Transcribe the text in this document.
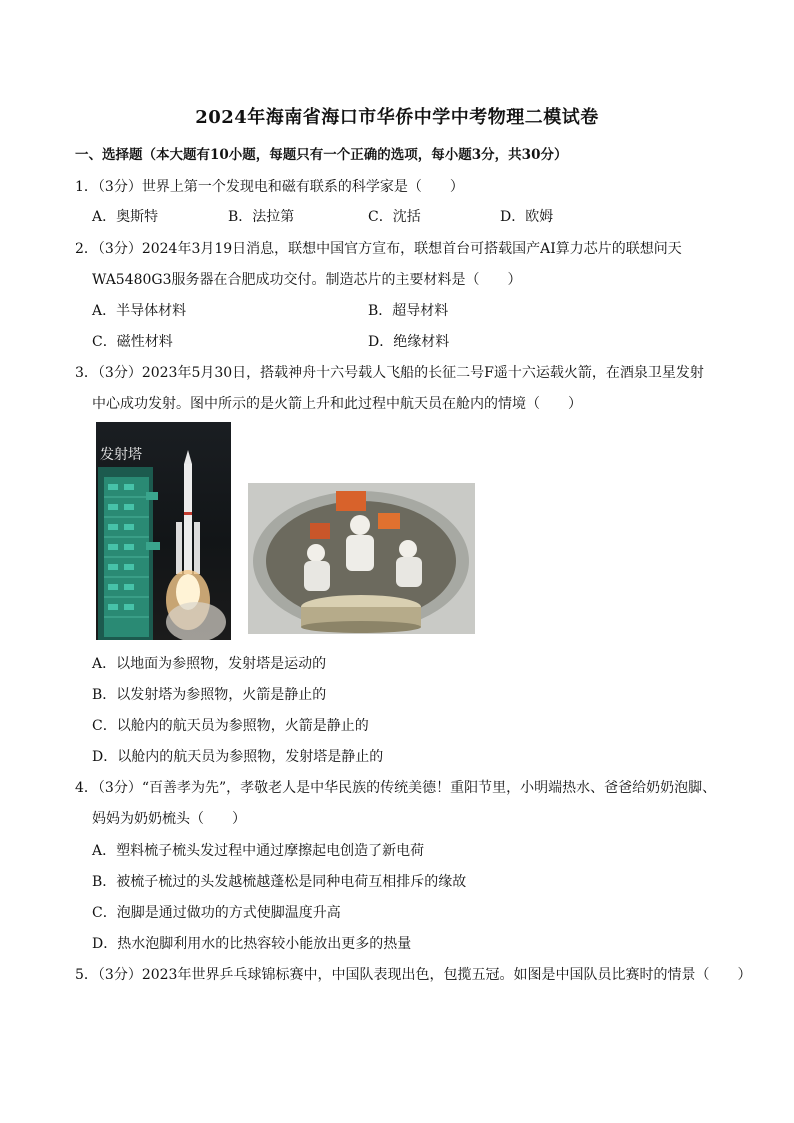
2024年海南省海口市华侨中学中考物理二模试卷
一、选择题（本大题有10小题，每题只有一个正确的选项，每小题3分，共30分）
1．（3分）世界上第一个发现电和磁有联系的科学家是（　　）
A．奥斯特	B．法拉第	C．沈括	D．欧姆
2．（3分）2024年3月19日消息，联想中国官方宣布，联想首台可搭载国产AI算力芯片的联想问天
WA5480G3服务器在合肥成功交付。制造芯片的主要材料是（　　）
A．半导体材料	B．超导材料
C．磁性材料	D．绝缘材料
3．（3分）2023年5月30日，搭载神舟十六号载人飞船的长征二号F遥十六运载火箭，在酒泉卫星发射
中心成功发射。图中所示的是火箭上升和此过程中航天员在舱内的情境（　　）
发射塔
A．以地面为参照物，发射塔是运动的
B．以发射塔为参照物，火箭是静止的
C．以舱内的航天员为参照物，火箭是静止的
D．以舱内的航天员为参照物，发射塔是静止的
4．（3分）“百善孝为先”，孝敬老人是中华民族的传统美德！重阳节里，小明端热水、爸爸给奶奶泡脚、
妈妈为奶奶梳头（　　）
A．塑料梳子梳头发过程中通过摩擦起电创造了新电荷
B．被梳子梳过的头发越梳越蓬松是同种电荷互相排斥的缘故
C．泡脚是通过做功的方式使脚温度升高
D．热水泡脚利用水的比热容较小能放出更多的热量
5．（3分）2023年世界乒乓球锦标赛中，中国队表现出色，包揽五冠。如图是中国队员比赛时的情景（　　）
